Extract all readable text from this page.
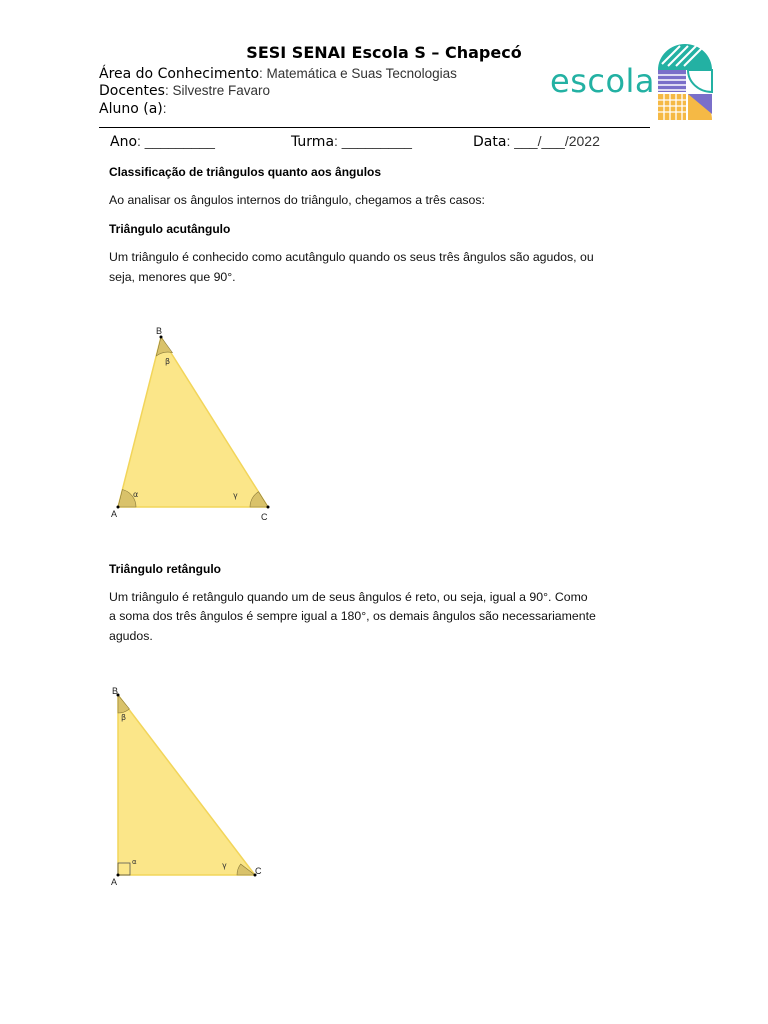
SESI SENAI Escola S – Chapecó
Área do Conhecimento: Matemática e Suas Tecnologias
Docentes: Silvestre Favaro
Aluno (a):
Ano: _________	Turma: _________	Data: ___/___/2022
escola
Classificação de triângulos quanto aos ângulos
Ao analisar os ângulos internos do triângulo, chegamos a três casos:
Triângulo acutângulo
Um triângulo é conhecido como acutângulo quando os seus três ângulos são agudos, ou
seja, menores que 90°.
B
A	C
β
α	γ
Triângulo retângulo
Um triângulo é retângulo quando um de seus ângulos é reto, ou seja, igual a 90°. Como
a soma dos três ângulos é sempre igual a 180°, os demais ângulos são necessariamente
agudos.
B
A
C
β
α	γ
